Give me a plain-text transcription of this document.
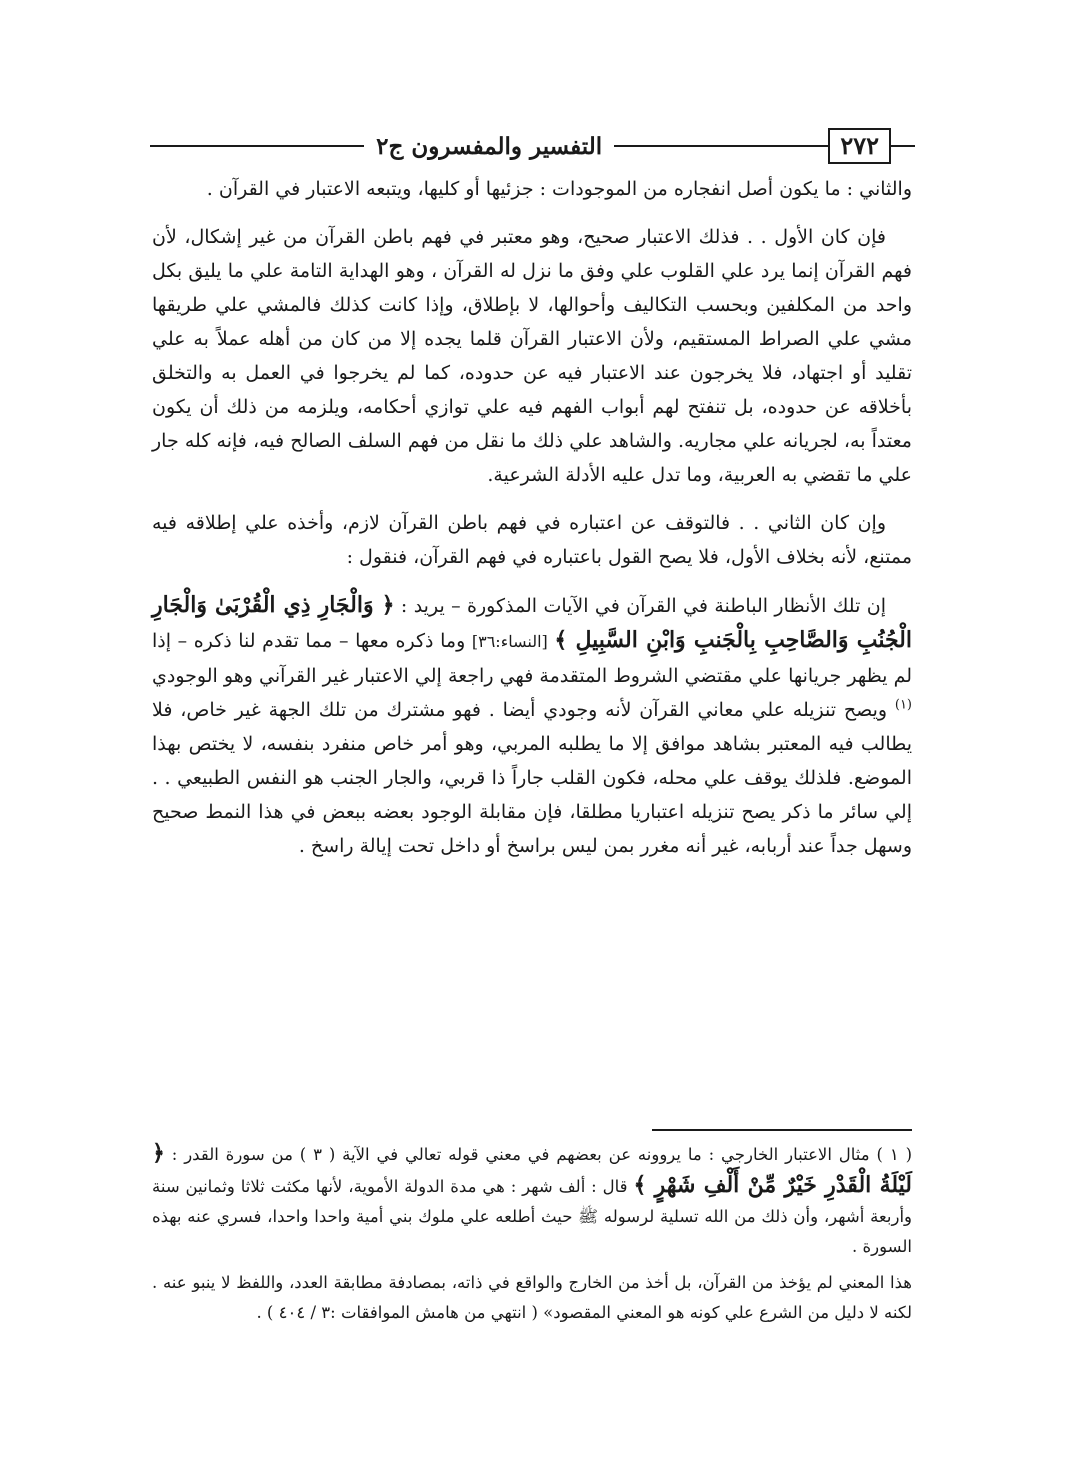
٢٧٢
التفسير والمفسرون ج٢

والثاني : ما يكون أصل انفجاره من الموجودات : جزئيها أو كليها، ويتبعه الاعتبار في القرآن .

فإن كان الأول . . فذلك الاعتبار صحيح، وهو معتبر في فهم باطن القرآن من غير إشكال، لأن فهم القرآن إنما يرد علي القلوب علي وفق ما نزل له القرآن ، وهو الهداية التامة علي ما يليق بكل واحد من المكلفين وبحسب التكاليف وأحوالها، لا بإطلاق، وإذا كانت كذلك فالمشي علي طريقها مشي علي الصراط المستقيم، ولأن الاعتبار القرآن قلما يجده إلا من كان من أهله عملاً به علي تقليد أو اجتهاد، فلا يخرجون عند الاعتبار فيه عن حدوده، كما لم يخرجوا في العمل به والتخلق بأخلاقه عن حدوده، بل تنفتح لهم أبواب الفهم فيه علي توازي أحكامه، ويلزمه من ذلك أن يكون معتداً به، لجريانه علي مجاريه. والشاهد علي ذلك ما نقل من فهم السلف الصالح فيه، فإنه كله جار علي ما تقضي به العربية، وما تدل عليه الأدلة الشرعية.

وإن كان الثاني . . فالتوقف عن اعتباره في فهم باطن القرآن لازم، وأخذه علي إطلاقه فيه ممتنع، لأنه بخلاف الأول، فلا يصح القول باعتباره في فهم القرآن، فنقول :

إن تلك الأنظار الباطنة في القرآن في الآيات المذكورة – يريد : ﴿ وَالْجَارِ ذِي الْقُرْبَىٰ وَالْجَارِ الْجُنُبِ وَالصَّاحِبِ بِالْجَنبِ وَابْنِ السَّبِيلِ ﴾ [النساء:٣٦] وما ذكره معها – مما تقدم لنا ذكره – إذا لم يظهر جريانها علي مقتضي الشروط المتقدمة فهي راجعة إلي الاعتبار غير القرآني وهو الوجودي $^{(١)}$ ويصح تنزيله علي معاني القرآن لأنه وجودي أيضا . فهو مشترك من تلك الجهة غير خاص، فلا يطالب فيه المعتبر بشاهد موافق إلا ما يطلبه المربي، وهو أمر خاص منفرد بنفسه، لا يختص بهذا الموضع. فلذلك يوقف علي محله، فكون القلب جاراً ذا قربي، والجار الجنب هو النفس الطبيعي . . إلي سائر ما ذكر يصح تنزيله اعتباريا مطلقا، فإن مقابلة الوجود بعضه ببعض في هذا النمط صحيح وسهل جداً عند أربابه، غير أنه مغرر بمن ليس براسخ أو داخل تحت إيالة راسخ .

( ١ ) مثال الاعتبار الخارجي : ما يروونه عن بعضهم في معني قوله تعالي في الآية ( ٣ ) من سورة القدر : ﴿ لَيْلَةُ الْقَدْرِ خَيْرٌ مِّنْ أَلْفِ شَهْرٍ ﴾ قال : ألف شهر : هي مدة الدولة الأموية، لأنها مكثت ثلاثا وثمانين سنة وأربعة أشهر، وأن ذلك من الله تسلية لرسوله ﷺ حيث أطلعه علي ملوك بني أمية واحدا واحدا، فسري عنه بهذه السورة .

هذا المعني لم يؤخذ من القرآن، بل أخذ من الخارج والواقع في ذاته، بمصادفة مطابقة العدد، واللفظ لا ينبو عنه . لكنه لا دليل من الشرع علي كونه هو المعني المقصود» ( انتهي من هامش الموافقات :٣ / ٤٠٤ ) .
